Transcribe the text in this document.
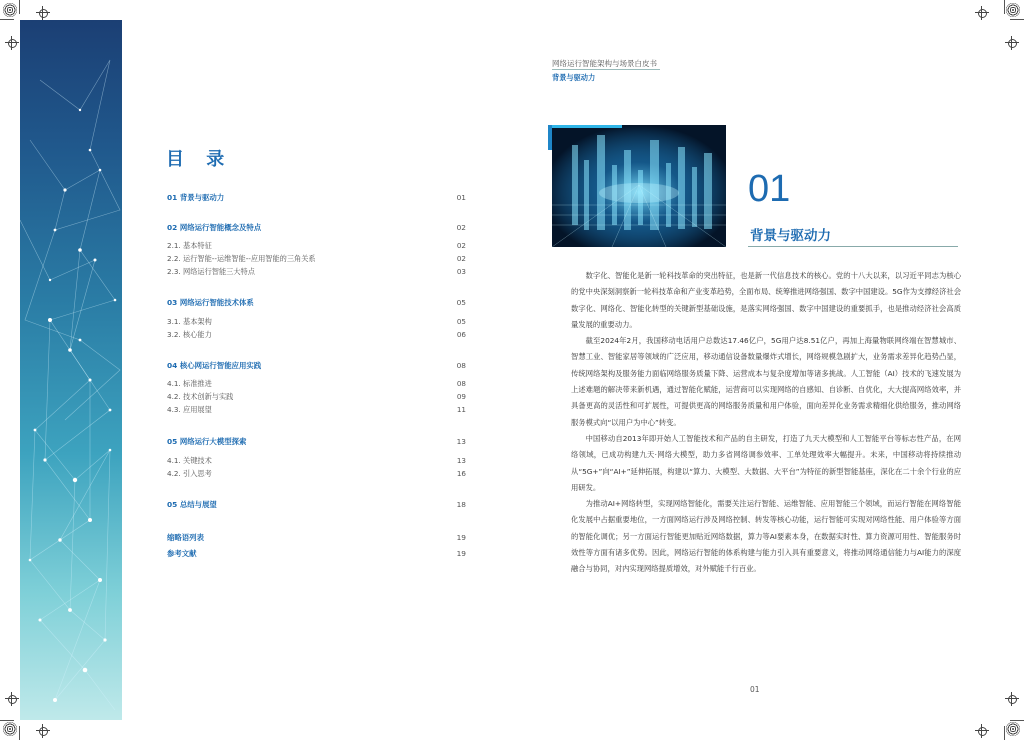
目 录
01 背景与驱动力	01
02 网络运行智能概念及特点	02
2.1. 基本特征	02
2.2. 运行智能--运维智能--应用智能的三角关系	02
2.3. 网络运行智能三大特点	03
03 网络运行智能技术体系	05
3.1. 基本架构	05
3.2. 核心能力	06
04 核心网运行智能应用实践	08
4.1. 标准推进	08
4.2. 技术创新与实践	09
4.3. 应用展望	11
05 网络运行大模型探索	13
4.1. 关键技术	13
4.2. 引入思考	16
05 总结与展望	18
缩略语列表	19
参考文献	19
网络运行智能架构与场景白皮书
背景与驱动力
01
背景与驱动力

数字化、智能化是新一轮科技革命的突出特征，也是新一代信息技术的核心。党的十八大以来，以习近平同志为核心的党中央深刻洞察新一轮科技革命和产业变革趋势，全面布局、统筹推进网络强国、数字中国建设。5G作为支撑经济社会数字化、网络化、智能化转型的关键新型基础设施，是落实网络强国、数字中国建设的重要抓手，也是推动经济社会高质量发展的重要动力。

截至2024年2月，我国移动电话用户总数达17.46亿户，5G用户达8.51亿户，再加上海量物联网终端在智慧城市、智慧工业、智能家居等领域的广泛应用，移动通信设备数量爆炸式增长，网络规模急剧扩大，业务需求差异化趋势凸显，传统网络架构及服务能力面临网络服务质量下降、运营成本与复杂度增加等诸多挑战。人工智能（AI）技术的飞速发展为上述难题的解决带来新机遇，通过智能化赋能，运营商可以实现网络的自感知、自诊断、自优化，大大提高网络效率，并具备更高的灵活性和可扩展性，可提供更高的网络服务质量和用户体验，面向差异化业务需求精细化供给服务，推动网络服务模式向“以用户为中心”转变。

中国移动自2013年即开始人工智能技术和产品的自主研发，打造了九天大模型和人工智能平台等标志性产品，在网络领域，已成功构建九天·网络大模型，助力多省网络调参效率、工单处理效率大幅提升。未来，中国移动将持续推动从“5G+”向“AI+”延伸拓展，构建以“算力、大模型、大数据、大平台”为特征的新型智能基座，深化在二十余个行业的应用研发。

为推动AI+网络转型，实现网络智能化，需要关注运行智能、运维智能、应用智能三个领域，而运行智能在网络智能化发展中占据重要地位，一方面网络运行涉及网络控制、转发等核心功能，运行智能可实现对网络性能、用户体验等方面的智能化调优；另一方面运行智能更加贴近网络数据，算力等AI要素本身，在数据实时性、算力资源可用性、智能服务时效性等方面有诸多优势。因此，网络运行智能的体系构建与能力引入具有重要意义，将推动网络通信能力与AI能力的深度融合与协同，对内实现网络提质增效，对外赋能千行百业。

01
